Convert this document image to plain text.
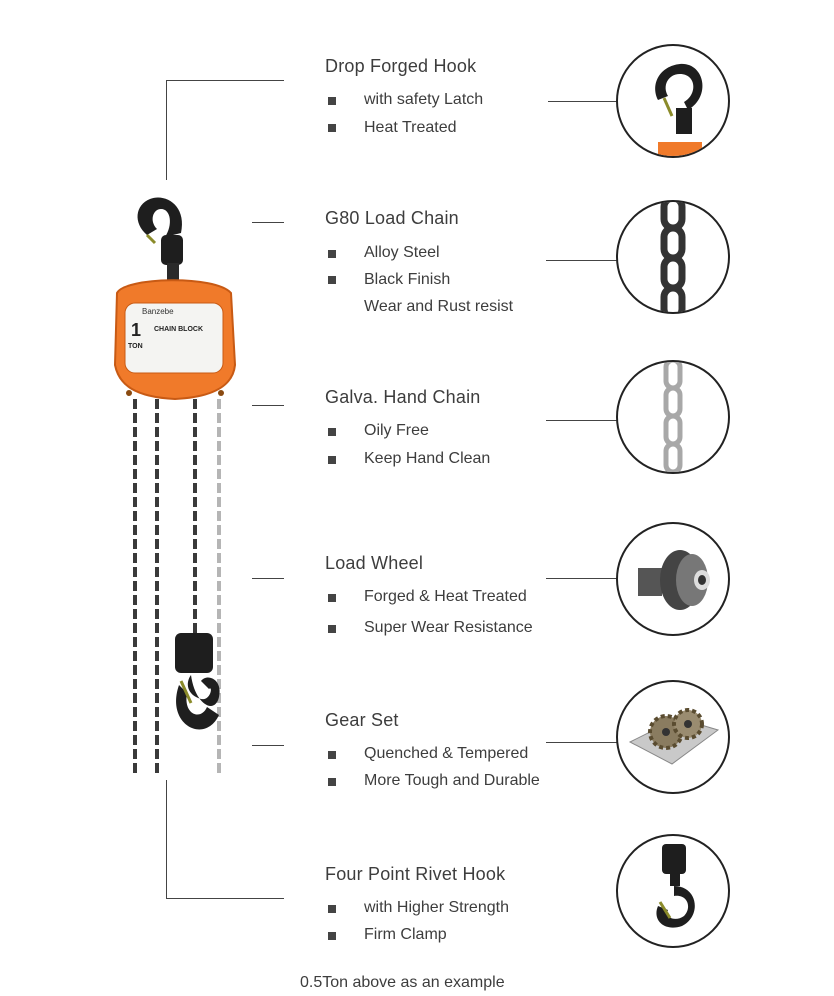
Banzebe
1
TON
CHAIN BLOCK
Drop Forged Hook
with safety Latch
Heat Treated
G80 Load Chain
Alloy Steel
Black Finish
Wear and Rust resist
Galva. Hand Chain
Oily Free
Keep Hand Clean
Load Wheel
Forged & Heat Treated
Super Wear Resistance
Gear Set
Quenched & Tempered
More Tough and Durable
Four Point Rivet Hook
with Higher Strength
Firm Clamp
0.5Ton above as an example
